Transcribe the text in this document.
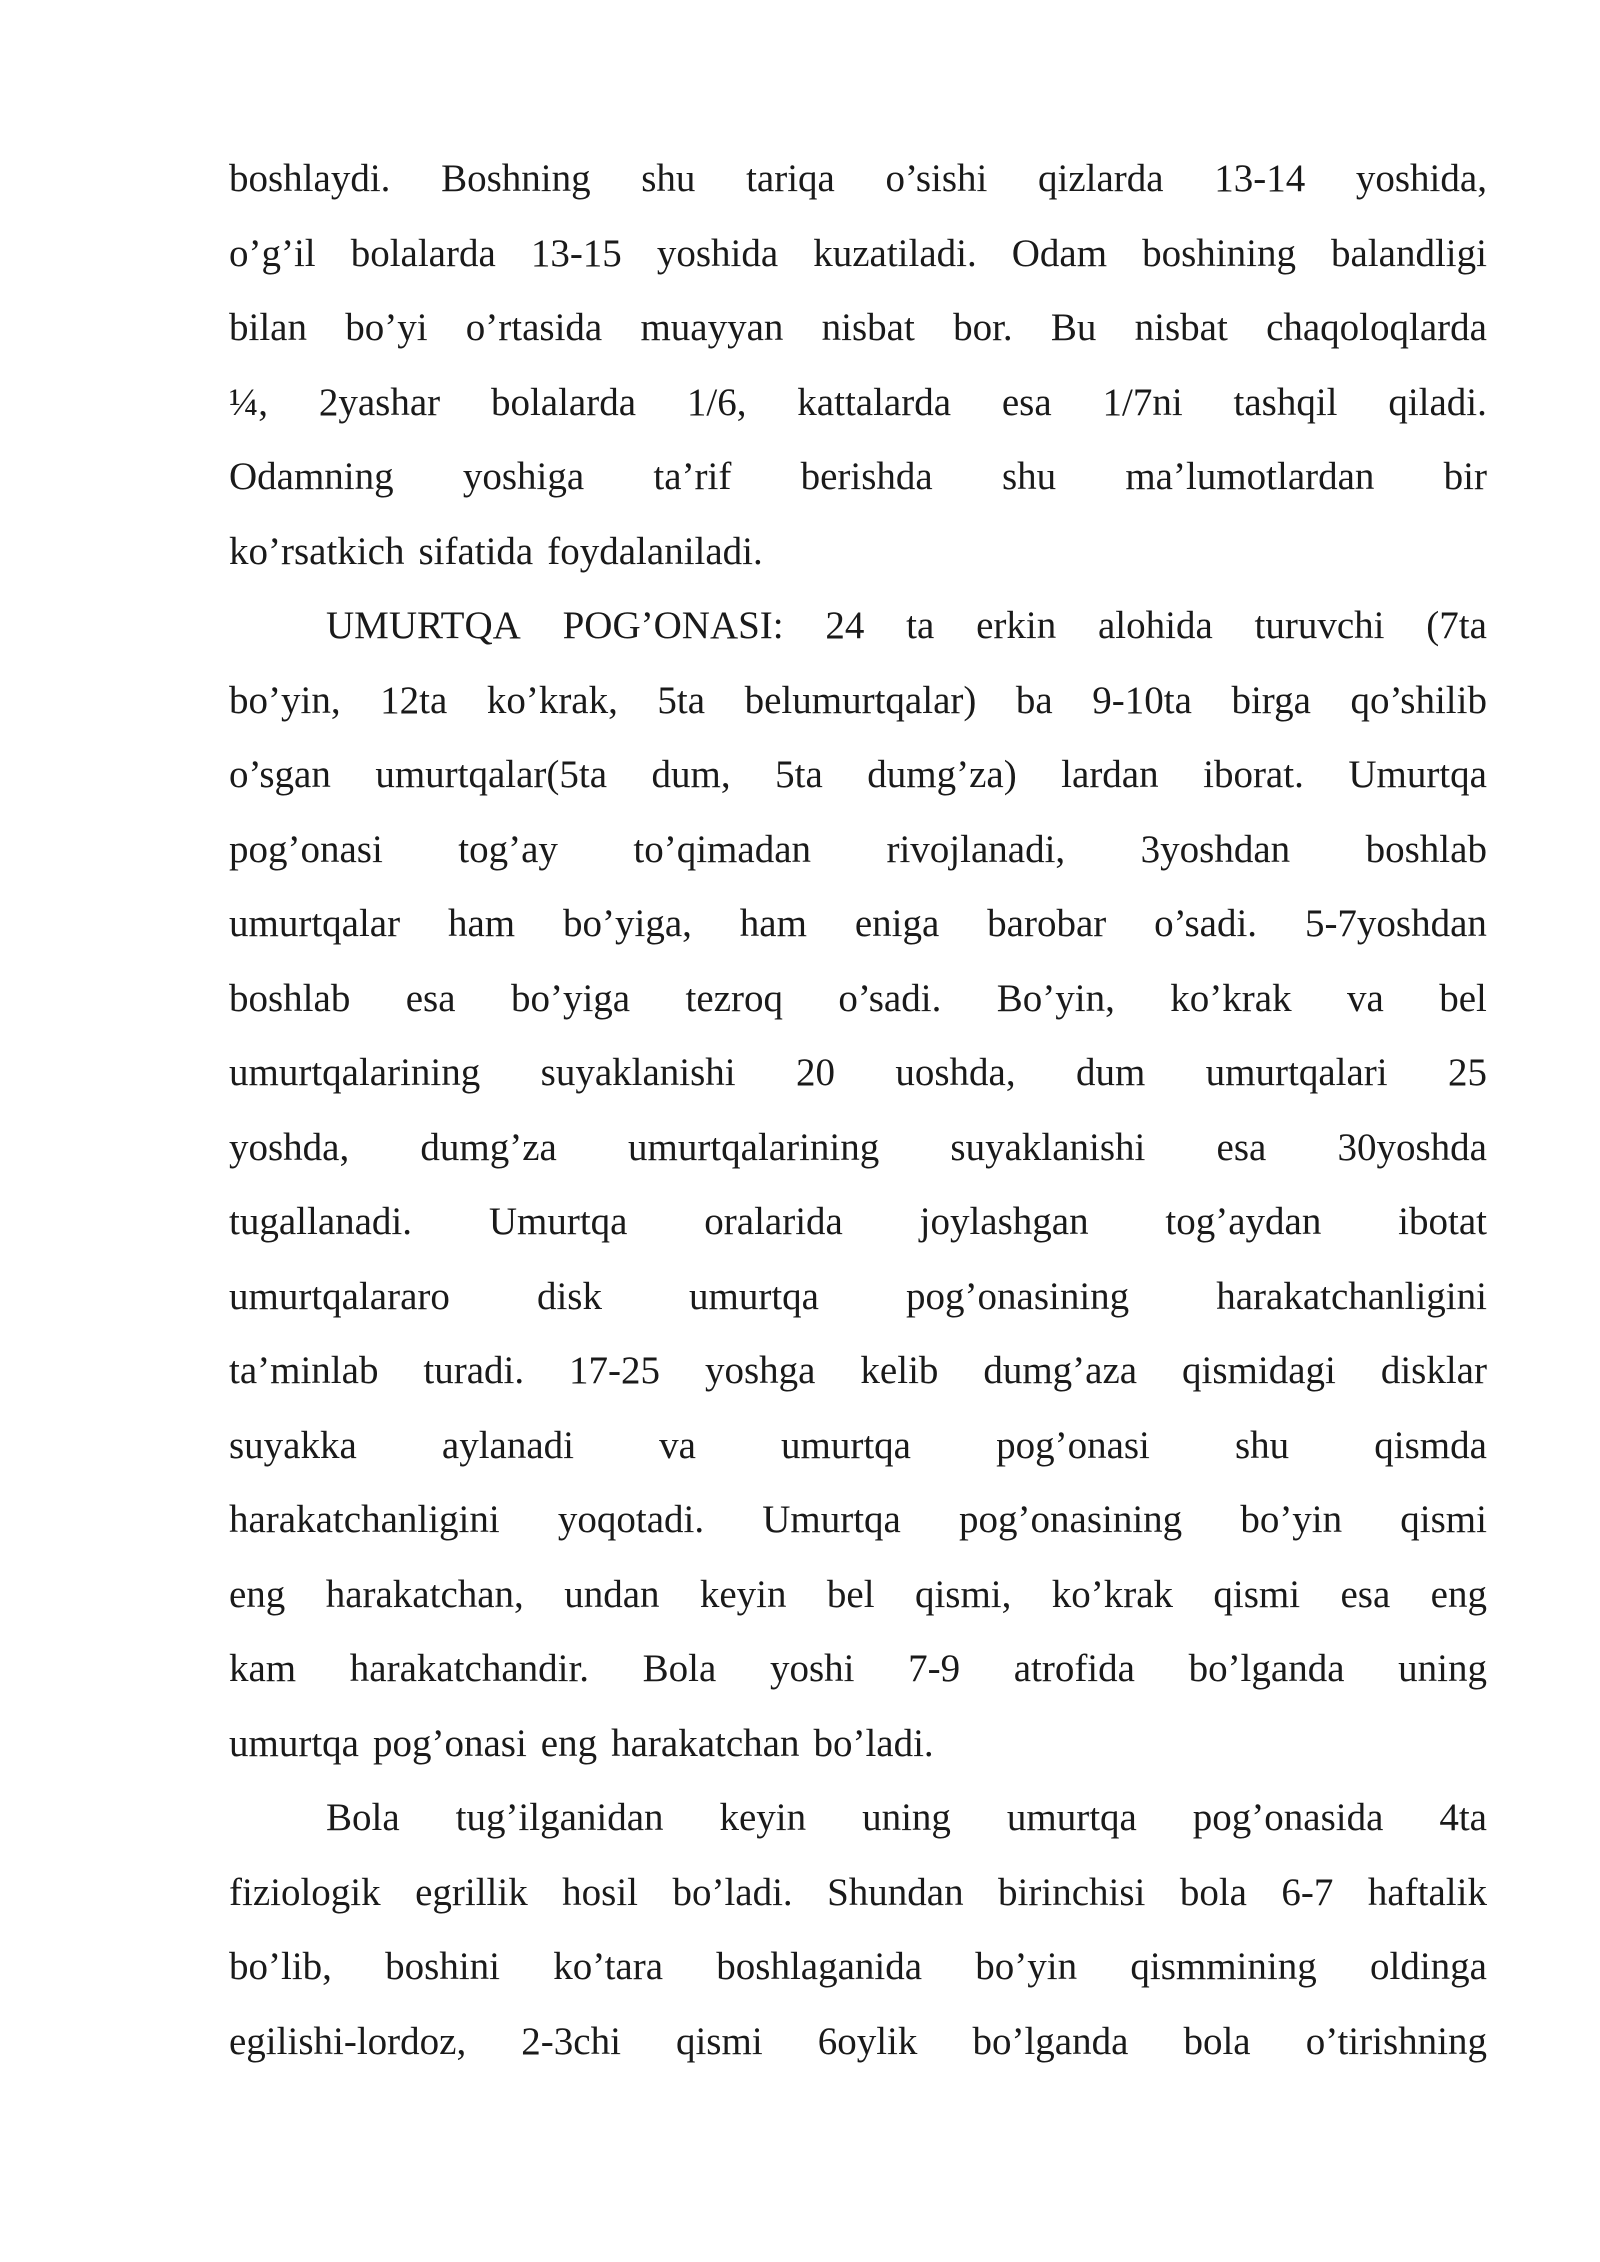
boshlaydi. Boshning shu tariqa o’sishi qizlarda 13-14 yoshida,
o’g’il bolalarda 13-15 yoshida kuzatiladi. Odam boshining balandligi
bilan bo’yi o’rtasida muayyan nisbat bor. Bu nisbat chaqoloqlarda
¼, 2yashar bolalarda 1/6, kattalarda esa 1/7ni tashqil qiladi.
Odamning yoshiga ta’rif berishda shu ma’lumotlardan bir
ko’rsatkich sifatida foydalaniladi.
UMURTQA POG’ONASI: 24 ta erkin alohida turuvchi (7ta
bo’yin, 12ta ko’krak, 5ta belumurtqalar) ba 9-10ta birga qo’shilib
o’sgan umurtqalar(5ta dum, 5ta dumg’za) lardan iborat. Umurtqa
pog’onasi tog’ay to’qimadan rivojlanadi, 3yoshdan boshlab
umurtqalar ham bo’yiga, ham eniga barobar o’sadi. 5-7yoshdan
boshlab esa bo’yiga tezroq o’sadi. Bo’yin, ko’krak va bel
umurtqalarining suyaklanishi 20 uoshda, dum umurtqalari 25
yoshda, dumg’za umurtqalarining suyaklanishi esa 30yoshda
tugallanadi. Umurtqa oralarida joylashgan tog’aydan ibotat
umurtqalararo disk umurtqa pog’onasining harakatchanligini
ta’minlab turadi. 17-25 yoshga kelib dumg’aza qismidagi disklar
suyakka aylanadi va umurtqa pog’onasi shu qismda
harakatchanligini yoqotadi. Umurtqa pog’onasining bo’yin qismi
eng harakatchan, undan keyin bel qismi, ko’krak qismi esa eng
kam harakatchandir. Bola yoshi 7-9 atrofida bo’lganda uning
umurtqa pog’onasi eng harakatchan bo’ladi.
Bola tug’ilganidan keyin uning umurtqa pog’onasida 4ta
fiziologik egrillik hosil bo’ladi. Shundan birinchisi bola 6-7 haftalik
bo’lib, boshini ko’tara boshlaganida bo’yin qismmining oldinga
egilishi-lordoz, 2-3chi qismi 6oylik bo’lganda bola o’tirishning
